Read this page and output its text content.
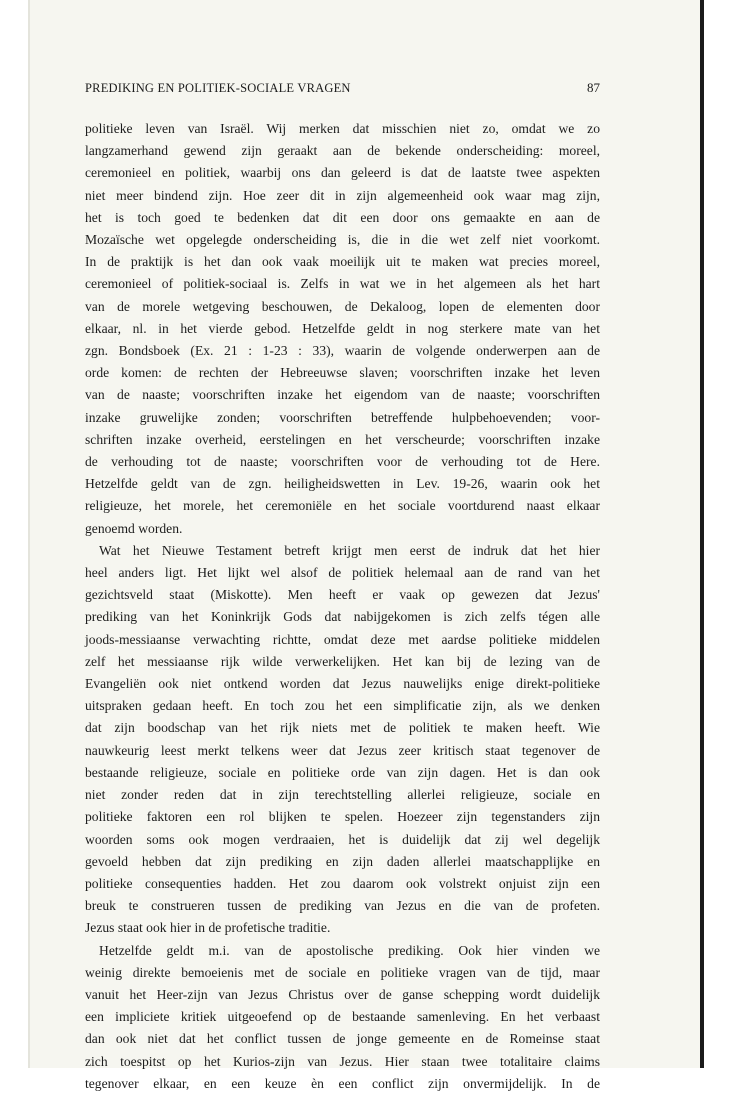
PREDIKING EN POLITIEK-SOCIALE VRAGEN	87

politieke leven van Israël. Wij merken dat misschien niet zo, omdat we zo

langzamerhand gewend zijn geraakt aan de bekende onderscheiding: moreel,

ceremonieel en politiek, waarbij ons dan geleerd is dat de laatste twee aspekten

niet meer bindend zijn. Hoe zeer dit in zijn algemeenheid ook waar mag zijn,

het is toch goed te bedenken dat dit een door ons gemaakte en aan de

Mozaïsche wet opgelegde onderscheiding is, die in die wet zelf niet voorkomt.

In de praktijk is het dan ook vaak moeilijk uit te maken wat precies moreel,

ceremonieel of politiek-sociaal is. Zelfs in wat we in het algemeen als het hart

van de morele wetgeving beschouwen, de Dekaloog, lopen de elementen door

elkaar, nl. in het vierde gebod. Hetzelfde geldt in nog sterkere mate van het

zgn. Bondsboek (Ex. 21 : 1-23 : 33), waarin de volgende onderwerpen aan de

orde komen: de rechten der Hebreeuwse slaven; voorschriften inzake het leven

van de naaste; voorschriften inzake het eigendom van de naaste; voorschriften

inzake gruwelijke zonden; voorschriften betreffende hulpbehoevenden; voor-

schriften inzake overheid, eerstelingen en het verscheurde; voorschriften inzake

de verhouding tot de naaste; voorschriften voor de verhouding tot de Here.

Hetzelfde geldt van de zgn. heiligheidswetten in Lev. 19-26, waarin ook het

religieuze, het morele, het ceremoniële en het sociale voortdurend naast elkaar

genoemd worden.

Wat het Nieuwe Testament betreft krijgt men eerst de indruk dat het hier

heel anders ligt. Het lijkt wel alsof de politiek helemaal aan de rand van het

gezichtsveld staat (Miskotte). Men heeft er vaak op gewezen dat Jezus'

prediking van het Koninkrijk Gods dat nabijgekomen is zich zelfs tégen alle

joods-messiaanse verwachting richtte, omdat deze met aardse politieke middelen

zelf het messiaanse rijk wilde verwerkelijken. Het kan bij de lezing van de

Evangeliën ook niet ontkend worden dat Jezus nauwelijks enige direkt-politieke

uitspraken gedaan heeft. En toch zou het een simplificatie zijn, als we denken

dat zijn boodschap van het rijk niets met de politiek te maken heeft. Wie

nauwkeurig leest merkt telkens weer dat Jezus zeer kritisch staat tegenover de

bestaande religieuze, sociale en politieke orde van zijn dagen. Het is dan ook

niet zonder reden dat in zijn terechtstelling allerlei religieuze, sociale en

politieke faktoren een rol blijken te spelen. Hoezeer zijn tegenstanders zijn

woorden soms ook mogen verdraaien, het is duidelijk dat zij wel degelijk

gevoeld hebben dat zijn prediking en zijn daden allerlei maatschapplijke en

politieke consequenties hadden. Het zou daarom ook volstrekt onjuist zijn een

breuk te construeren tussen de prediking van Jezus en die van de profeten.

Jezus staat ook hier in de profetische traditie.

Hetzelfde geldt m.i. van de apostolische prediking. Ook hier vinden we

weinig direkte bemoeienis met de sociale en politieke vragen van de tijd, maar

vanuit het Heer-zijn van Jezus Christus over de ganse schepping wordt duidelijk

een impliciete kritiek uitgeoefend op de bestaande samenleving. En het verbaast

dan ook niet dat het conflict tussen de jonge gemeente en de Romeinse staat

zich toespitst op het Kurios-zijn van Jezus. Hier staan twee totalitaire claims

tegenover elkaar, en een keuze èn een conflict zijn onvermijdelijk. In de
